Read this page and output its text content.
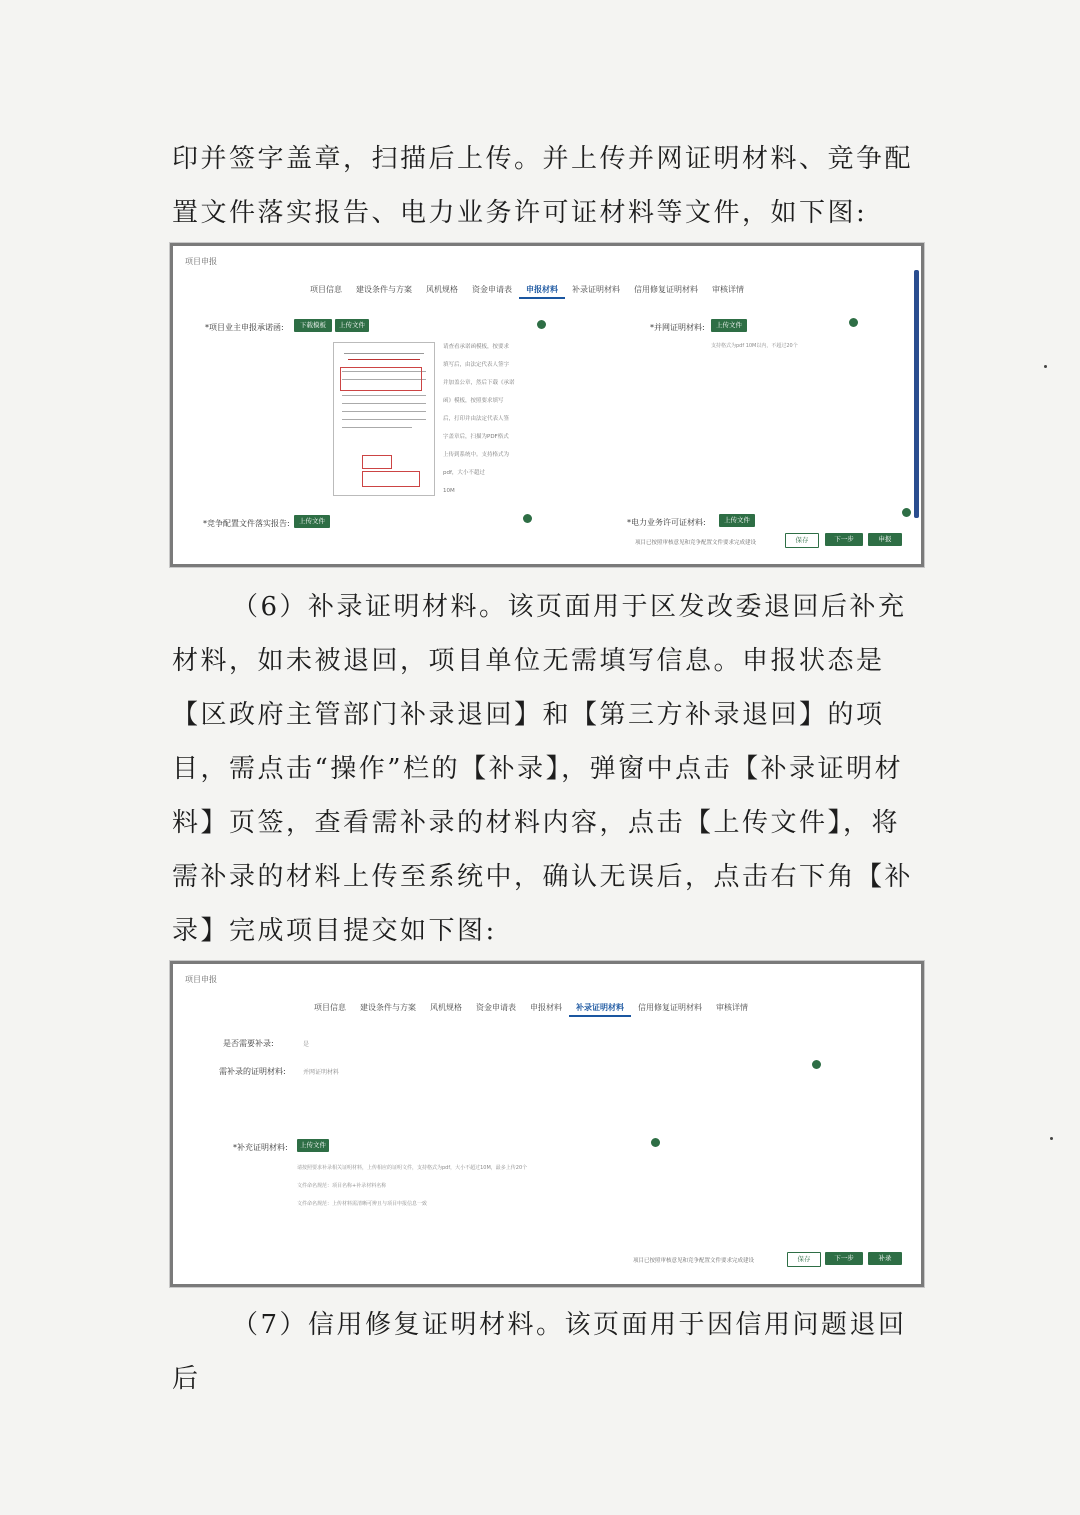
印并签字盖章，扫描后上传。并上传并网证明材料、竞争配置文件落实报告、电力业务许可证材料等文件，如下图:

项目申报
项目信息	建设条件与方案	风机规格	资金申请表	申报材料	补录证明材料	信用修复证明材料	审核详情
*项目业主申报承诺函:	下载模板	上传文件
请查看承诺函模板，按要求
填写后，由法定代表人签字
并加盖公章，然后下载《承诺
函》模板，按照要求填写
后，打印并由法定代表人签
字盖章后，扫描为PDF格式
上传到系统中。支持格式为
pdf，大小不超过
10M
*并网证明材料:	上传文件
支持格式为pdf 10M以内，不超过20个
*竞争配置文件落实报告:	上传文件	*电力业务许可证材料:	上传文件
项目已按照审核意见和竞争配置文件要求完成建设	保存	下一步	申报

（6）补录证明材料。该页面用于区发改委退回后补充材料，如未被退回，项目单位无需填写信息。申报状态是【区政府主管部门补录退回】和【第三方补录退回】的项目，需点击“操作”栏的【补录】，弹窗中点击【补录证明材料】页签，查看需补录的材料内容，点击【上传文件】，将需补录的材料上传至系统中，确认无误后，点击右下角【补录】完成项目提交如下图:

项目申报
项目信息	建设条件与方案	风机规格	资金申请表	申报材料	补录证明材料	信用修复证明材料	审核详情
是否需要补录:	是
需补录的证明材料:	并网证明材料
*补充证明材料:	上传文件
请按照要求补录相关证明材料，上传相应的证明文件，支持格式为pdf，大小不超过10M，最多上传20个
文件命名规范：项目名称+补录材料名称
文件命名规范：上传材料需清晰可辨且与项目申报信息一致
项目已按照审核意见和竞争配置文件要求完成建设	保存	下一步	补录

（7）信用修复证明材料。该页面用于因信用问题退回后
